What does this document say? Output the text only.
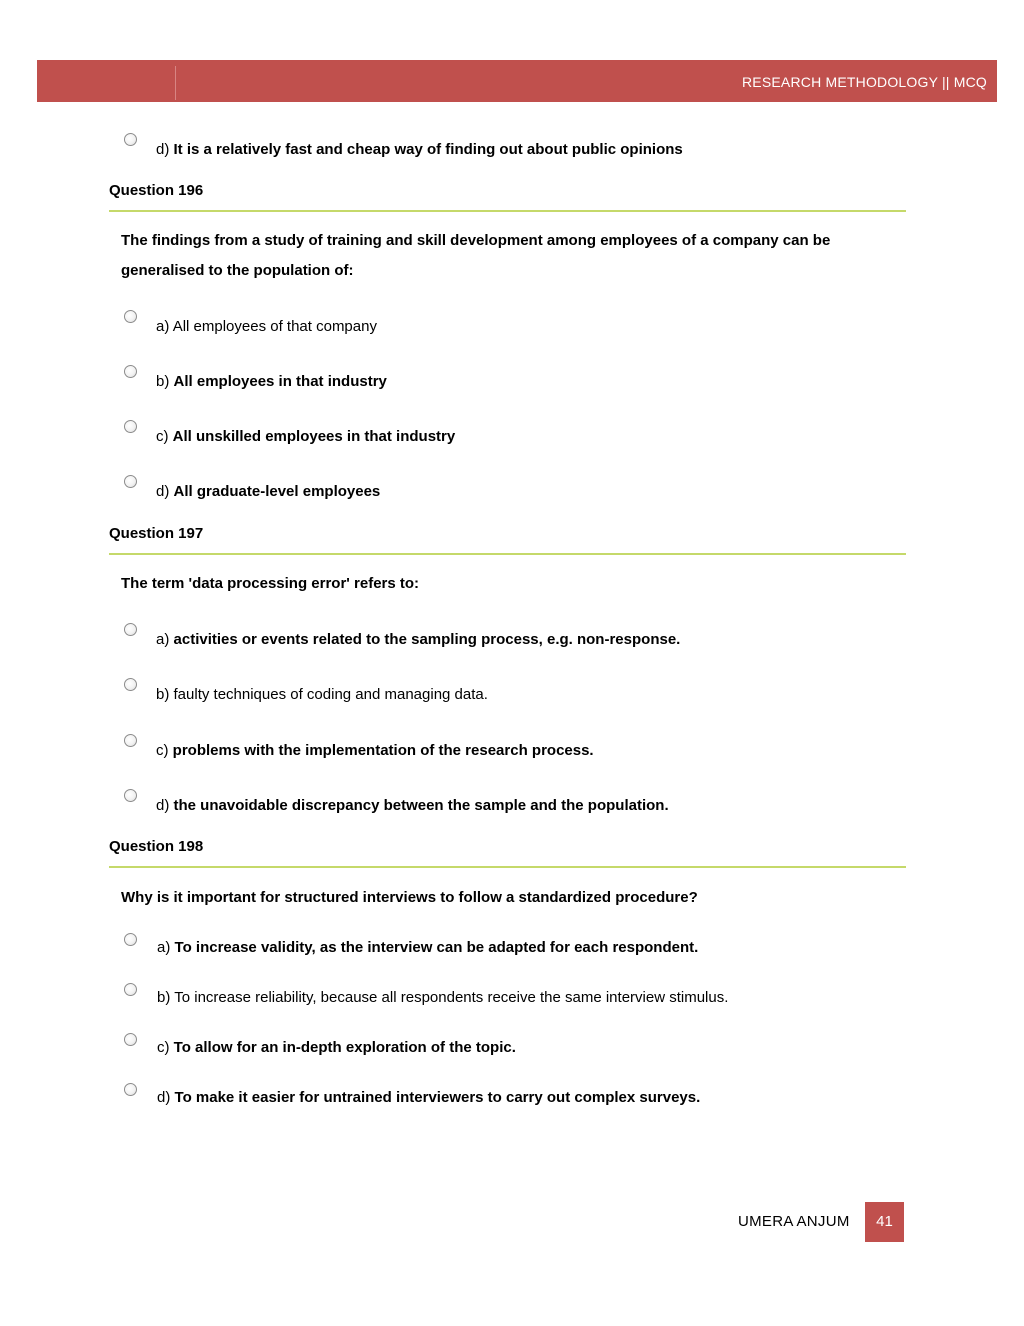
RESEARCH METHODOLOGY || MCQ
d) It is a relatively fast and cheap way of finding out about public opinions
Question 196
The findings from a study of training and skill development among employees of a company can be
generalised to the population of:
a) All employees of that company
b) All employees in that industry
c) All unskilled employees in that industry
d) All graduate-level employees
Question 197
The term 'data processing error' refers to:
a) activities or events related to the sampling process, e.g. non-response.
b) faulty techniques of coding and managing data.
c) problems with the implementation of the research process.
d) the unavoidable discrepancy between the sample and the population.
Question 198
Why is it important for structured interviews to follow a standardized procedure?
a) To increase validity, as the interview can be adapted for each respondent.
b) To increase reliability, because all respondents receive the same interview stimulus.
c) To allow for an in-depth exploration of the topic.
d) To make it easier for untrained interviewers to carry out complex surveys.
UMERA ANJUM	41
